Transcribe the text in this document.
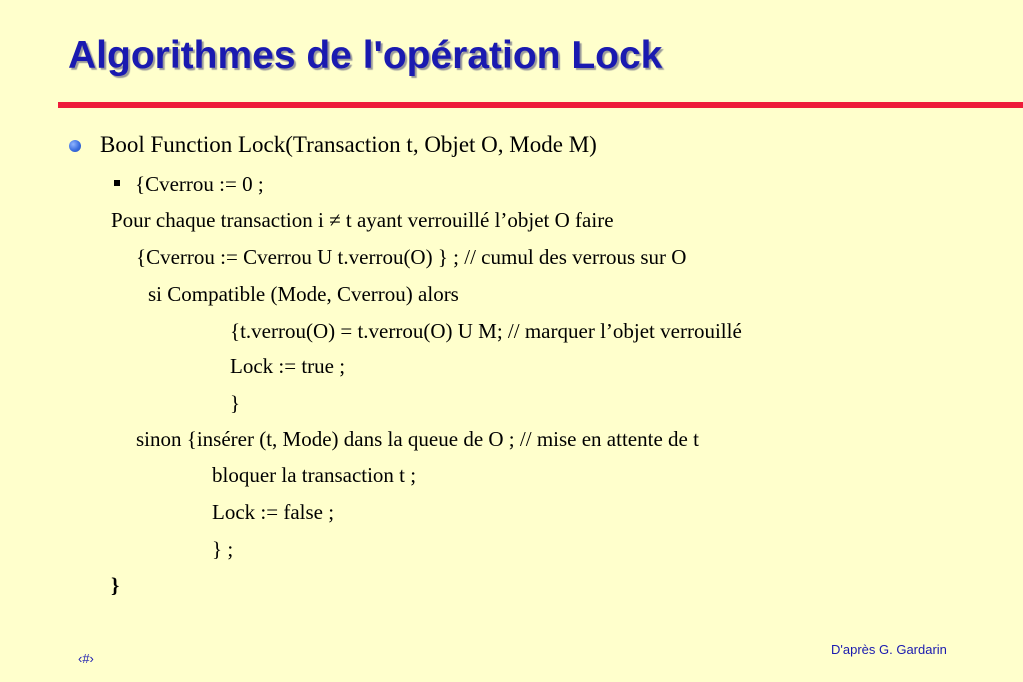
Algorithmes de l'opération Lock
Bool Function Lock(Transaction t, Objet O, Mode M)
{Cverrou := 0 ;
Pour chaque transaction i ≠ t ayant verrouillé l’objet O faire
{Cverrou := Cverrou U t.verrou(O) } ; // cumul des verrous sur O
si Compatible (Mode, Cverrou) alors
{t.verrou(O) = t.verrou(O) U M; // marquer l’objet verrouillé
Lock := true ;
}
sinon {insérer (t, Mode) dans la queue de O ; // mise en attente de t
bloquer la transaction t ;
Lock := false ;
} ;
}
D'après G. Gardarin
‹#›
